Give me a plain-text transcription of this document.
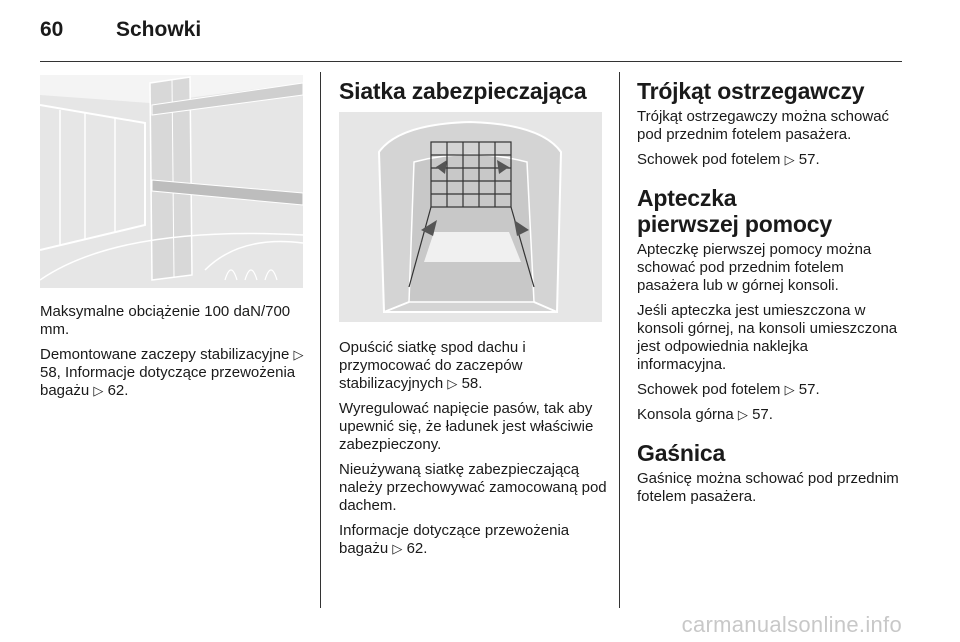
60	Schowki

Maksymalne obciążenie 100 daN/700 mm.

Demontowane zaczepy stabilizacyjne ▷ 58, Informacje dotyczące przewożenia bagażu ▷ 62.

Siatka zabezpieczająca

Opuścić siatkę spod dachu i przymocować do zaczepów stabilizacyjnych ▷ 58.

Wyregulować napięcie pasów, tak aby upewnić się, że ładunek jest właściwie zabezpieczony.

Nieużywaną siatkę zabezpieczającą należy przechowywać zamocowaną pod dachem.

Informacje dotyczące przewożenia bagażu ▷ 62.

Trójkąt ostrzegawczy

Trójkąt ostrzegawczy można schować pod przednim fotelem pasażera.

Schowek pod fotelem ▷ 57.

Apteczka pierwszej pomocy

Apteczkę pierwszej pomocy można schować pod przednim fotelem pasażera lub w górnej konsoli.

Jeśli apteczka jest umieszczona w konsoli górnej, na konsoli umieszczona jest odpowiednia naklejka informacyjna.

Schowek pod fotelem ▷ 57.

Konsola górna ▷ 57.

Gaśnica

Gaśnicę można schować pod przednim fotelem pasażera.

carmanualsonline.info
